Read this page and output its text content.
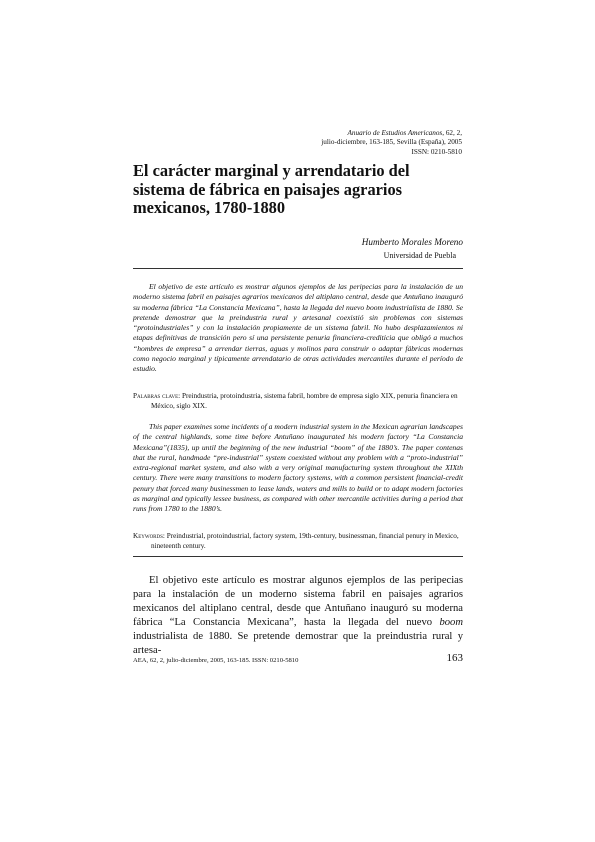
Anuario de Estudios Americanos, 62, 2,
julio-diciembre, 163-185, Sevilla (España), 2005
ISSN: 0210-5810
El carácter marginal y arrendatario del sistema de fábrica en paisajes agrarios mexicanos, 1780-1880
Humberto Morales Moreno
Universidad de Puebla

El objetivo de este artículo es mostrar algunos ejemplos de las peripecias para la instalación de un moderno sistema fabril en paisajes agrarios mexicanos del altiplano central, desde que Antuñano inauguró su moderna fábrica “La Constancia Mexicana”, hasta la llegada del nuevo boom industrialista de 1880. Se pretende demostrar que la preindustria rural y artesanal coexistió sin problemas con sistemas “protoindustriales” y con la instalación propiamente de un sistema fabril. No hubo desplazamientos ni etapas definitivas de transición pero sí una persistente penuria financiera-crediticia que obligó a muchos “hombres de empresa” a arrendar tierras, aguas y molinos para construir o adaptar fábricas modernas como negocio marginal y típicamente arrendatario de otras actividades mercantiles durante el período de estudio.

Palabras clave: Preindustria, protoindustria, sistema fabril, hombre de empresa siglo XIX, penuria financiera en México, siglo XIX.

This paper examines some incidents of a modern industrial system in the Mexican agrarian landscapes of the central highlands, some time before Antuñano inaugurated his modern factory “La Constancia Mexicana”(1835), up until the beginning of the new industrial “boom” of the 1880’s. The paper contenas that the rural, handmade “pre-industrial” system coexisted without any problem with a “proto-industrial” extra-regional market system, and also with a very original manufacturing system throughout the XIXth century. There were many transitions to modern factory systems, with a common persistent financial-credit penury that forced many businessmen to lease lands, waters and mills to build or to adapt modern factories as marginal and typically lessee business, as compared with other mercantile activities during a period that runs from 1780 to the 1880’s.

Keywords: Preindustrial, protoindustrial, factory system, 19th-century, businessman, financial penury in Mexico, nineteenth century.

El objetivo este artículo es mostrar algunos ejemplos de las peripecias para la instalación de un moderno sistema fabril en paisajes agrarios mexicanos del altiplano central, desde que Antuñano inauguró su moderna fábrica “La Constancia Mexicana”, hasta la llegada del nuevo boom industrialista de 1880. Se pretende demostrar que la preindustria rural y artesa-

AEA, 62, 2, julio-diciembre, 2005, 163-185. ISSN: 0210-5810	163
